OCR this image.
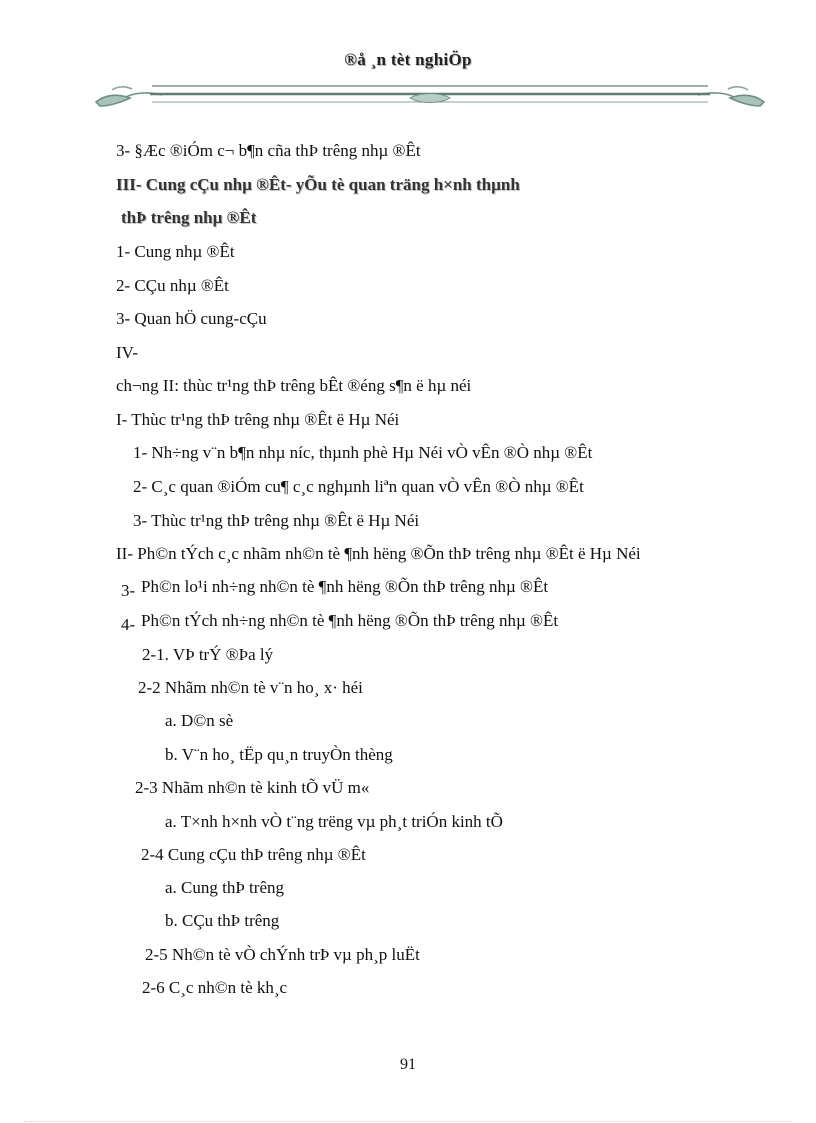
®å ¸n tèt nghiÖp
3- §Æc ®iÓm c¬ b¶n cña thÞ trêng nhµ ®Êt
III- Cung cÇu nhµ ®Êt- yÕu tè quan träng h×nh thµnh
thÞ trêng nhµ ®Êt
1- Cung nhµ ®Êt
2- CÇu nhµ ®Êt
3- Quan hÖ cung-cÇu
IV-
ch¬ng II: thùc tr¹ng thÞ trêng bÊt ®éng s¶n ë hµ néi
I- Thùc tr¹ng thÞ trêng nhµ ®Êt ë Hµ Néi
1- Nh÷ng v¨n b¶n nhµ níc, thµnh phè Hµ Néi vÒ vÊn ®Ò nhµ ®Êt
2- C¸c quan ®iÓm cu¶ c¸c nghµnh liªn quan vÒ vÊn ®Ò nhµ ®Êt
3- Thùc tr¹ng thÞ trêng nhµ ®Êt ë Hµ Néi
II- Ph©n tÝch c¸c nhãm nh©n tè ¶nh hëng ®Õn thÞ trêng nhµ ®Êt ë Hµ Néi
3- Ph©n lo¹i nh÷ng nh©n tè ¶nh hëng ®Õn thÞ trêng nhµ ®Êt
4- Ph©n tÝch nh÷ng nh©n tè ¶nh hëng ®Õn thÞ trêng nhµ ®Êt
2-1. VÞ trÝ ®Þa lý
2-2 Nhãm nh©n tè v¨n ho¸ x· héi
a. D©n sè
b. V¨n ho¸ tËp qu¸n truyÒn thèng
2-3 Nhãm nh©n tè kinh tÕ vÜ m«
a. T×nh h×nh vÒ t¨ng trëng vµ ph¸t triÓn kinh tÕ
2-4 Cung cÇu thÞ trêng nhµ ®Êt
a. Cung thÞ trêng
b. CÇu thÞ trêng
2-5 Nh©n tè vÒ chÝnh trÞ vµ ph¸p luËt
2-6 C¸c nh©n tè kh¸c
91
